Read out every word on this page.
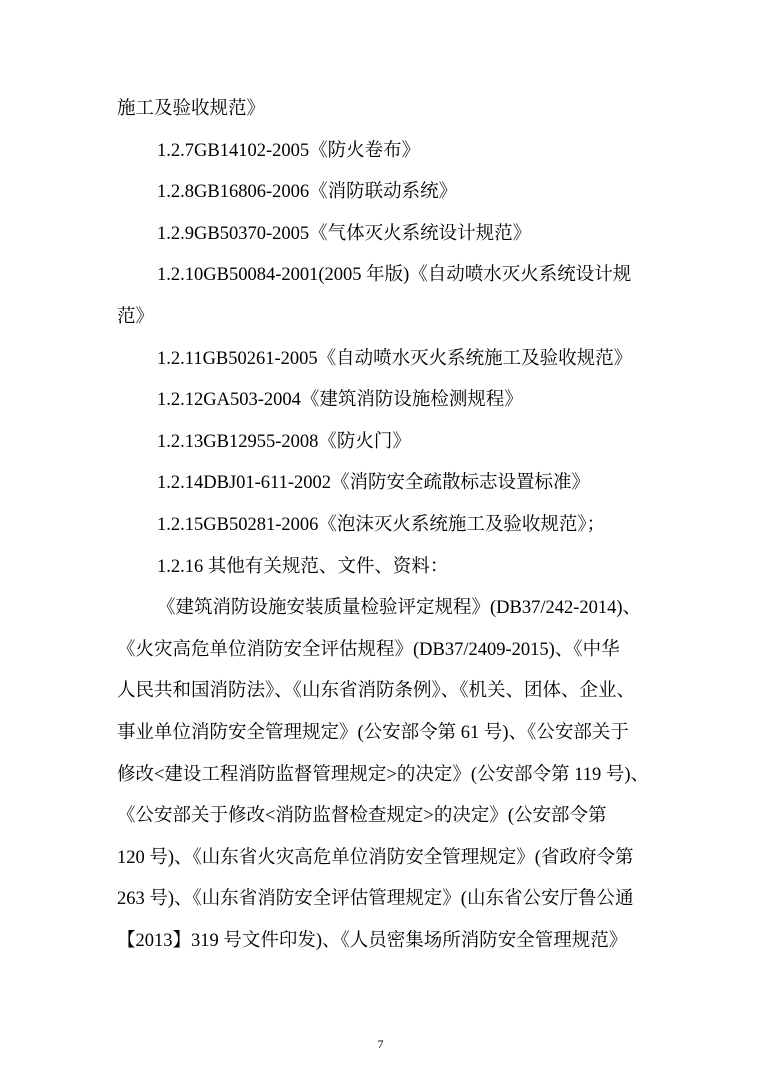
施工及验收规范》
1.2.7GB14102-2005《防火卷布》
1.2.8GB16806-2006《消防联动系统》
1.2.9GB50370-2005《气体灭火系统设计规范》
1.2.10GB50084-2001(2005 年版)《自动喷水灭火系统设计规
范》
1.2.11GB50261-2005《自动喷水灭火系统施工及验收规范》
1.2.12GA503-2004《建筑消防设施检测规程》
1.2.13GB12955-2008《防火门》
1.2.14DBJ01-611-2002《消防安全疏散标志设置标准》
1.2.15GB50281-2006《泡沫灭火系统施工及验收规范》；
1.2.16 其他有关规范、文件、资料：
《建筑消防设施安装质量检验评定规程》(DB37/242-2014)、
《火灾高危单位消防安全评估规程》(DB37/2409-2015)、《中华
人民共和国消防法》、《山东省消防条例》、《机关、团体、企业、
事业单位消防安全管理规定》(公安部令第 61 号)、《公安部关于
修改<建设工程消防监督管理规定>的决定》(公安部令第 119 号)、
《公安部关于修改<消防监督检查规定>的决定》(公安部令第
120 号)、《山东省火灾高危单位消防安全管理规定》(省政府令第
263 号)、《山东省消防安全评估管理规定》(山东省公安厅鲁公通
【2013】319 号文件印发)、《人员密集场所消防安全管理规范》
7
